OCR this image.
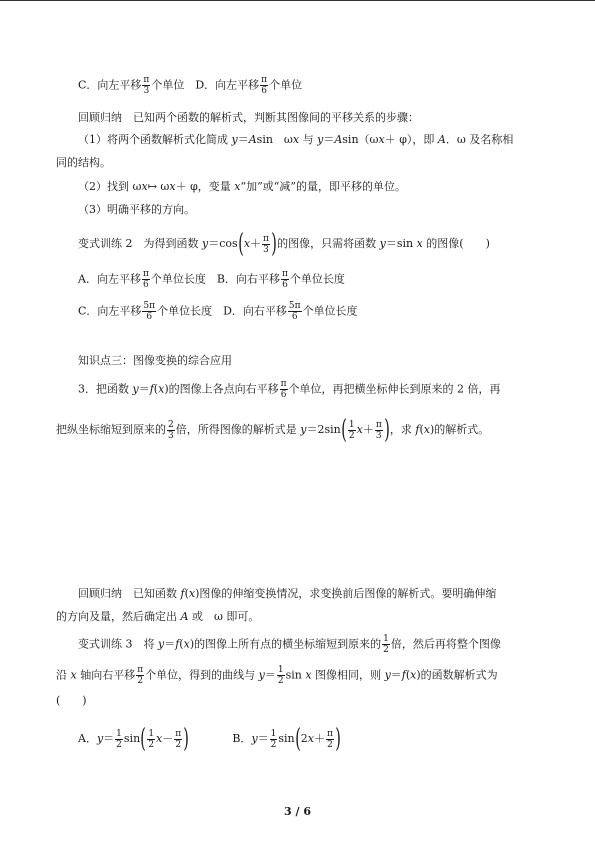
C．向左平移 $\frac{\pi}{3}$ 个单位　 D．向左平移 $\frac{\pi}{6}$ 个单位
回顾归纳　已知两个函数的解析式，判断其图像间的平移关系的步骤：
（1）将两个函数解析式化简成 y＝Asin　ωx 与 y＝Asin（ωx＋ φ），即 A．ω 及名称相
同的结构。
（2）找到 ωx↦ ωx＋ φ，变量 x“加”或“减”的量，即平移的单位。
（3）明确平移的方向。
变式训练 2　为得到函数 $y=\cos(x+ \frac{\pi}{3}$ )的图像，只需将函数 y＝sin x 的图像(　　)
A．向左平移 $\frac{\pi}{6}$ 个单位长度　 B．向右平移 $\frac{\pi}{6}$ 个单位长度
C．向左平移 $\frac{5\pi}{6}$ 个单位长度　 D．向右平移 $\frac{5\pi}{6}$ 个单位长度
知识点三：图像变换的综合应用
3．把函数 y＝f(x)的图像上各点向右平移 $\frac{\pi}{6}$ 个单位，再把横坐标伸长到原来的 2 倍，再
把纵坐标缩短到原来的 $\frac{2}{3}$ 倍，所得图像的解析式是 $y=2\sin( \frac{1}{2} x+ \frac{\pi}{3}$ )，求 f(x)的解析式。
回顾归纳　已知函数 f(x)图像的伸缩变换情况，求变换前后图像的解析式。要明确伸缩
的方向及量，然后确定出 A 或　ω 即可。
变式训练 3　将 y＝f(x)的图像上所有点的横坐标缩短到原来的 $\frac{1}{2}$ 倍，然后再将整个图像
沿 x 轴向右平移 $\frac{\pi}{2}$ 个单位，得到的曲线与 $y= \frac{1}{2}$ sin x 图像相同，则 y＝f(x)的函数解析式为
(　　)
A．$y= \frac{1}{2} \sin( \frac{1}{2} x- \frac{\pi}{2}$ )	B．$y= \frac{1}{2} \sin(2x+ \frac{\pi}{2}$ )
3 / 6
